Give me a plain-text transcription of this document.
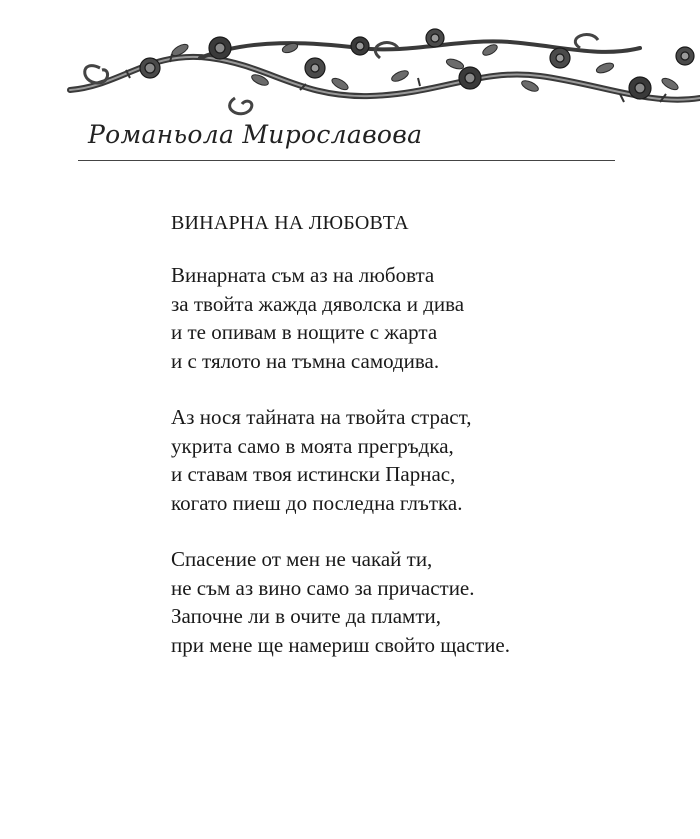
Романьола Мирославова
ВИНАРНА НА ЛЮБОВТА
Винарната съм аз на любовта
за твойта жажда дяволска и дива
и те опивам в нощите с жарта
и с тялото на тъмна самодива.
Аз нося тайната на твойта страст,
укрита само в моята прегръдка,
и ставам твоя истински Парнас,
когато пиеш до последна глътка.
Спасение от мен не чакай ти,
не съм аз вино само за причастие.
Започне ли в очите да пламти,
при мене ще намериш свойто щастие.
